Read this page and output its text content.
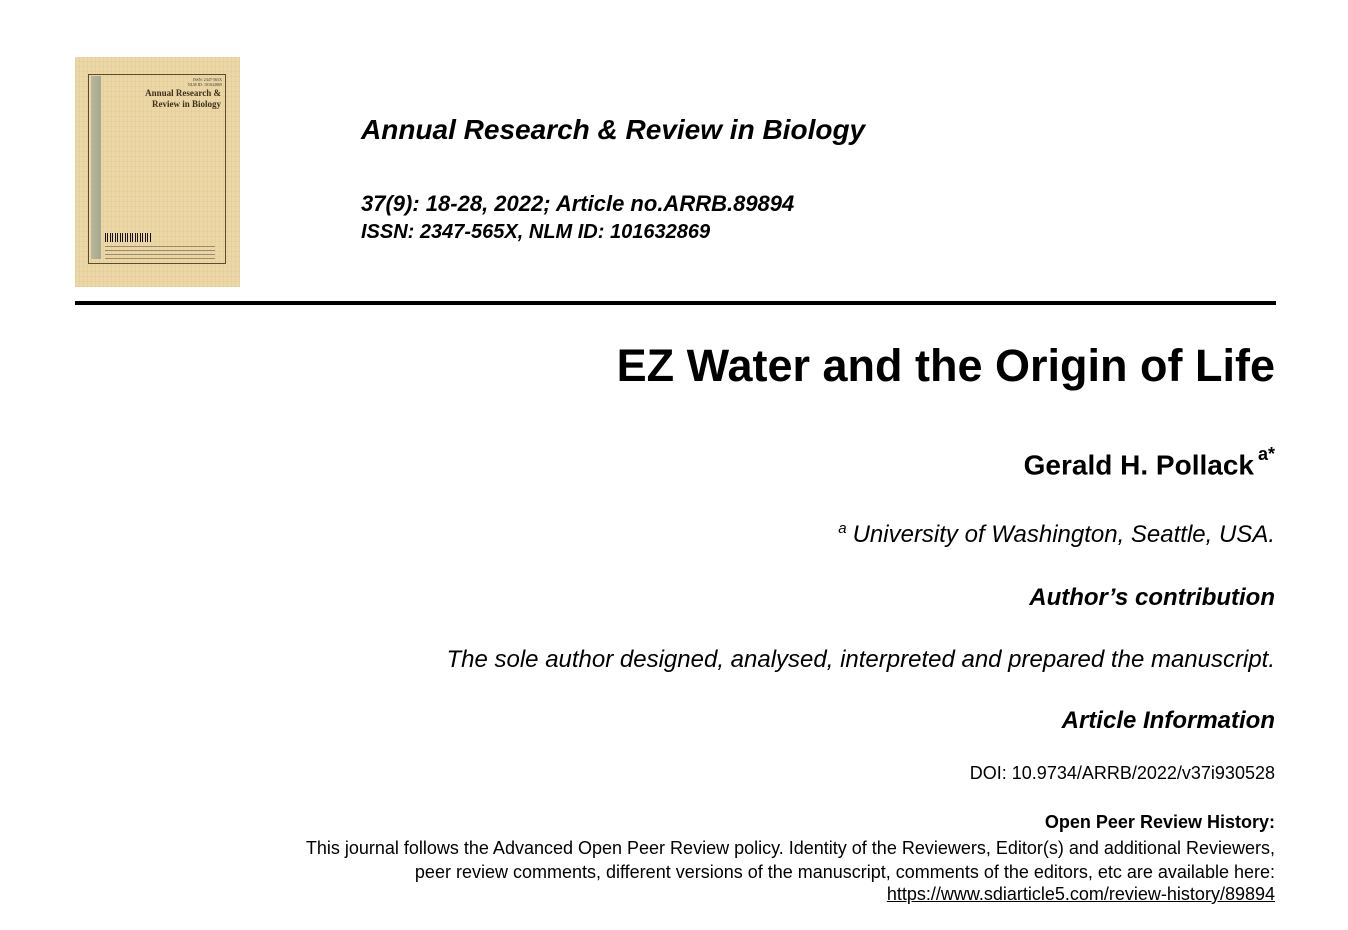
ISSN: 2347-565X
NLM ID: 101632869
Annual Research &
Review in Biology
Annual Research & Review in Biology
37(9): 18-28, 2022; Article no.ARRB.89894
ISSN: 2347-565X, NLM ID: 101632869
EZ Water and the Origin of Life
Gerald H. Pollack $^{a*}$
$^a$ University of Washington, Seattle, USA.
Author’s contribution
The sole author designed, analysed, interpreted and prepared the manuscript.
Article Information
DOI: 10.9734/ARRB/2022/v37i930528
Open Peer Review History:
This journal follows the Advanced Open Peer Review policy. Identity of the Reviewers, Editor(s) and additional Reviewers,
peer review comments, different versions of the manuscript, comments of the editors, etc are available here:
https://www.sdiarticle5.com/review-history/89894
